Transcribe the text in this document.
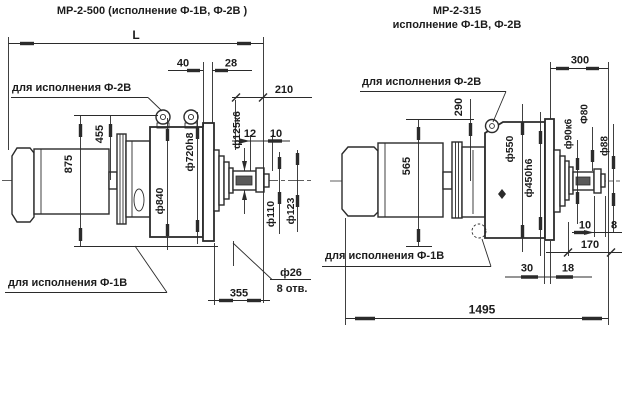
МР-2-500 (исполнение Ф-1В, Ф-2В )
L
875
455
40	28
210
12 10
ф125к6
ф840
ф720h8
ф110 ф123
ф26
8 отв.
355
для исполнения Ф-2В
для исполнения Ф-1В
МР-2-315
исполнение Ф-1В, Ф-2В
300
565
290
ф550
ф450h6
ф90к6
Ф80
ф88
10 8
170
30	18
1495
для исполнения Ф-2В
для исполнения Ф-1В
